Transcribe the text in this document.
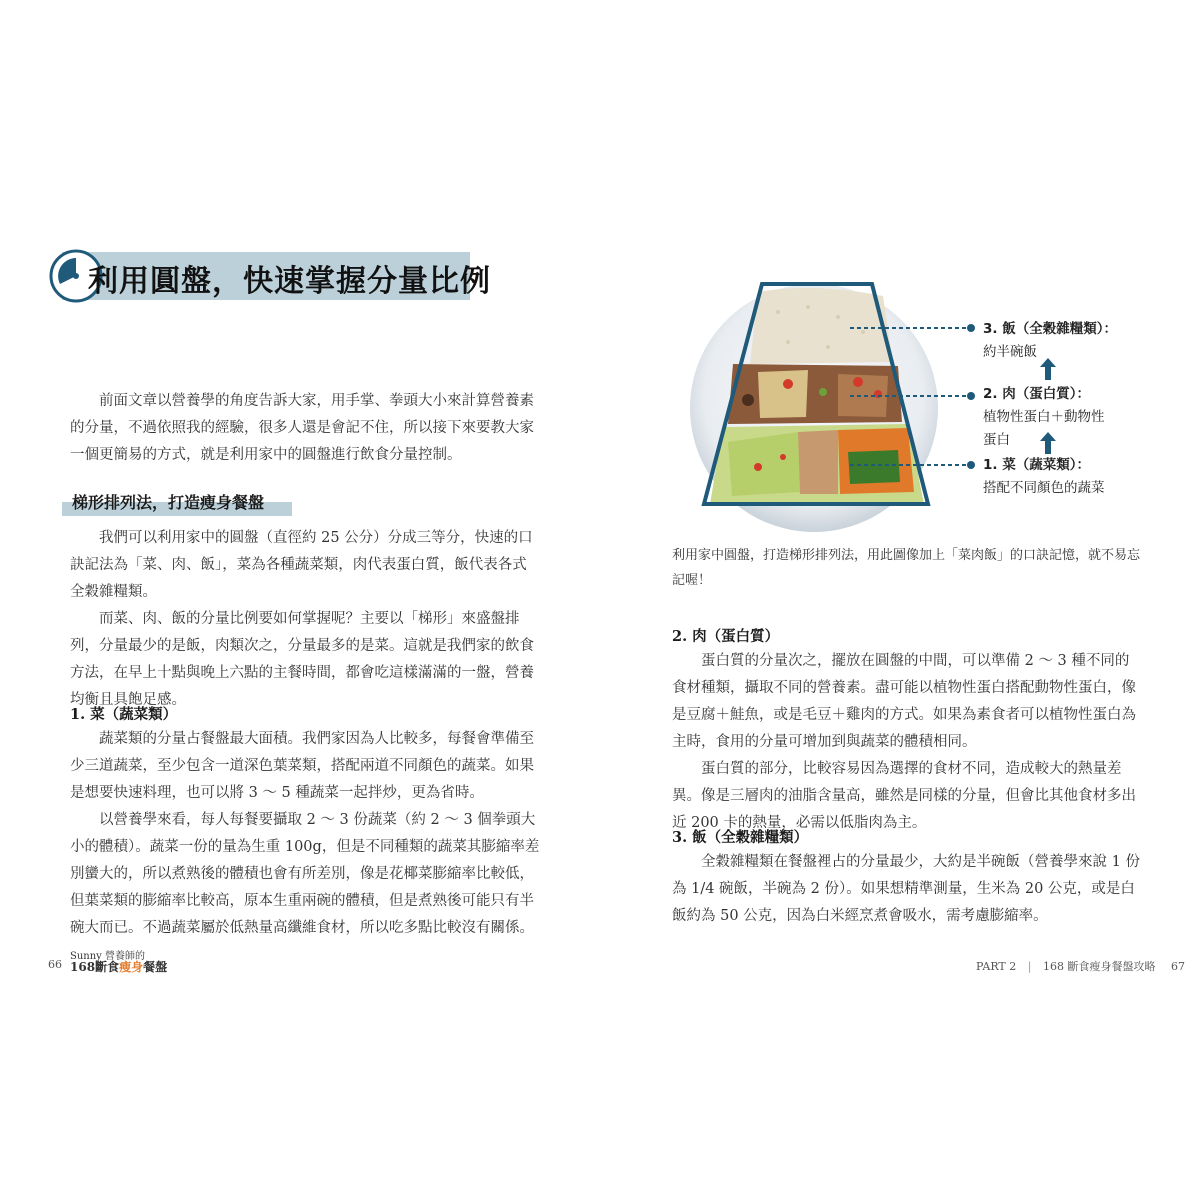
利用圓盤，快速掌握分量比例

前面文章以營養學的角度告訴大家，用手掌、拳頭大小來計算營養素的分量，不過依照我的經驗，很多人還是會記不住，所以接下來要教大家一個更簡易的方式，就是利用家中的圓盤進行飲食分量控制。

梯形排列法，打造瘦身餐盤

我們可以利用家中的圓盤（直徑約 25 公分）分成三等分，快速的口訣記法為「菜、肉、飯」，菜為各種蔬菜類，肉代表蛋白質，飯代表各式全穀雜糧類。

而菜、肉、飯的分量比例要如何掌握呢？主要以「梯形」來盛盤排列，分量最少的是飯，肉類次之，分量最多的是菜。這就是我們家的飲食方法，在早上十點與晚上六點的主餐時間，都會吃這樣滿滿的一盤，營養均衡且具飽足感。

1. 菜（蔬菜類）

蔬菜類的分量占餐盤最大面積。我們家因為人比較多，每餐會準備至少三道蔬菜，至少包含一道深色葉菜類，搭配兩道不同顏色的蔬菜。如果是想要快速料理，也可以將 3 ～ 5 種蔬菜一起拌炒，更為省時。

以營養學來看，每人每餐要攝取 2 ～ 3 份蔬菜（約 2 ～ 3 個拳頭大小的體積）。蔬菜一份的量為生重 100g，但是不同種類的蔬菜其膨縮率差別蠻大的，所以煮熟後的體積也會有所差別，像是花椰菜膨縮率比較低，但葉菜類的膨縮率比較高，原本生重兩碗的體積，但是煮熟後可能只有半碗大而已。不過蔬菜屬於低熱量高纖維食材，所以吃多點比較沒有關係。

66
Sunny 營養師的
168斷食瘦身餐盤
3. 飯（全穀雜糧類）：
約半碗飯
2. 肉（蛋白質）：
植物性蛋白＋動物性
蛋白
1. 菜（蔬菜類）：
搭配不同顏色的蔬菜
利用家中圓盤，打造梯形排列法，用此圖像加上「菜肉飯」的口訣記憶，就不易忘記喔！
2. 肉（蛋白質）

蛋白質的分量次之，擺放在圓盤的中間，可以準備 2 ～ 3 種不同的食材種類，攝取不同的營養素。盡可能以植物性蛋白搭配動物性蛋白，像是豆腐＋鮭魚，或是毛豆＋雞肉的方式。如果為素食者可以植物性蛋白為主時，食用的分量可增加到與蔬菜的體積相同。

蛋白質的部分，比較容易因為選擇的食材不同，造成較大的熱量差異。像是三層肉的油脂含量高，雖然是同樣的分量，但會比其他食材多出近 200 卡的熱量，必需以低脂肉為主。

3. 飯（全穀雜糧類）

全穀雜糧類在餐盤裡占的分量最少，大約是半碗飯（營養學來說 1 份為 1/4 碗飯，半碗為 2 份）。如果想精準測量，生米為 20 公克，或是白飯約為 50 公克，因為白米經烹煮會吸水，需考慮膨縮率。

PART 2 | 168 斷食瘦身餐盤攻略 67
